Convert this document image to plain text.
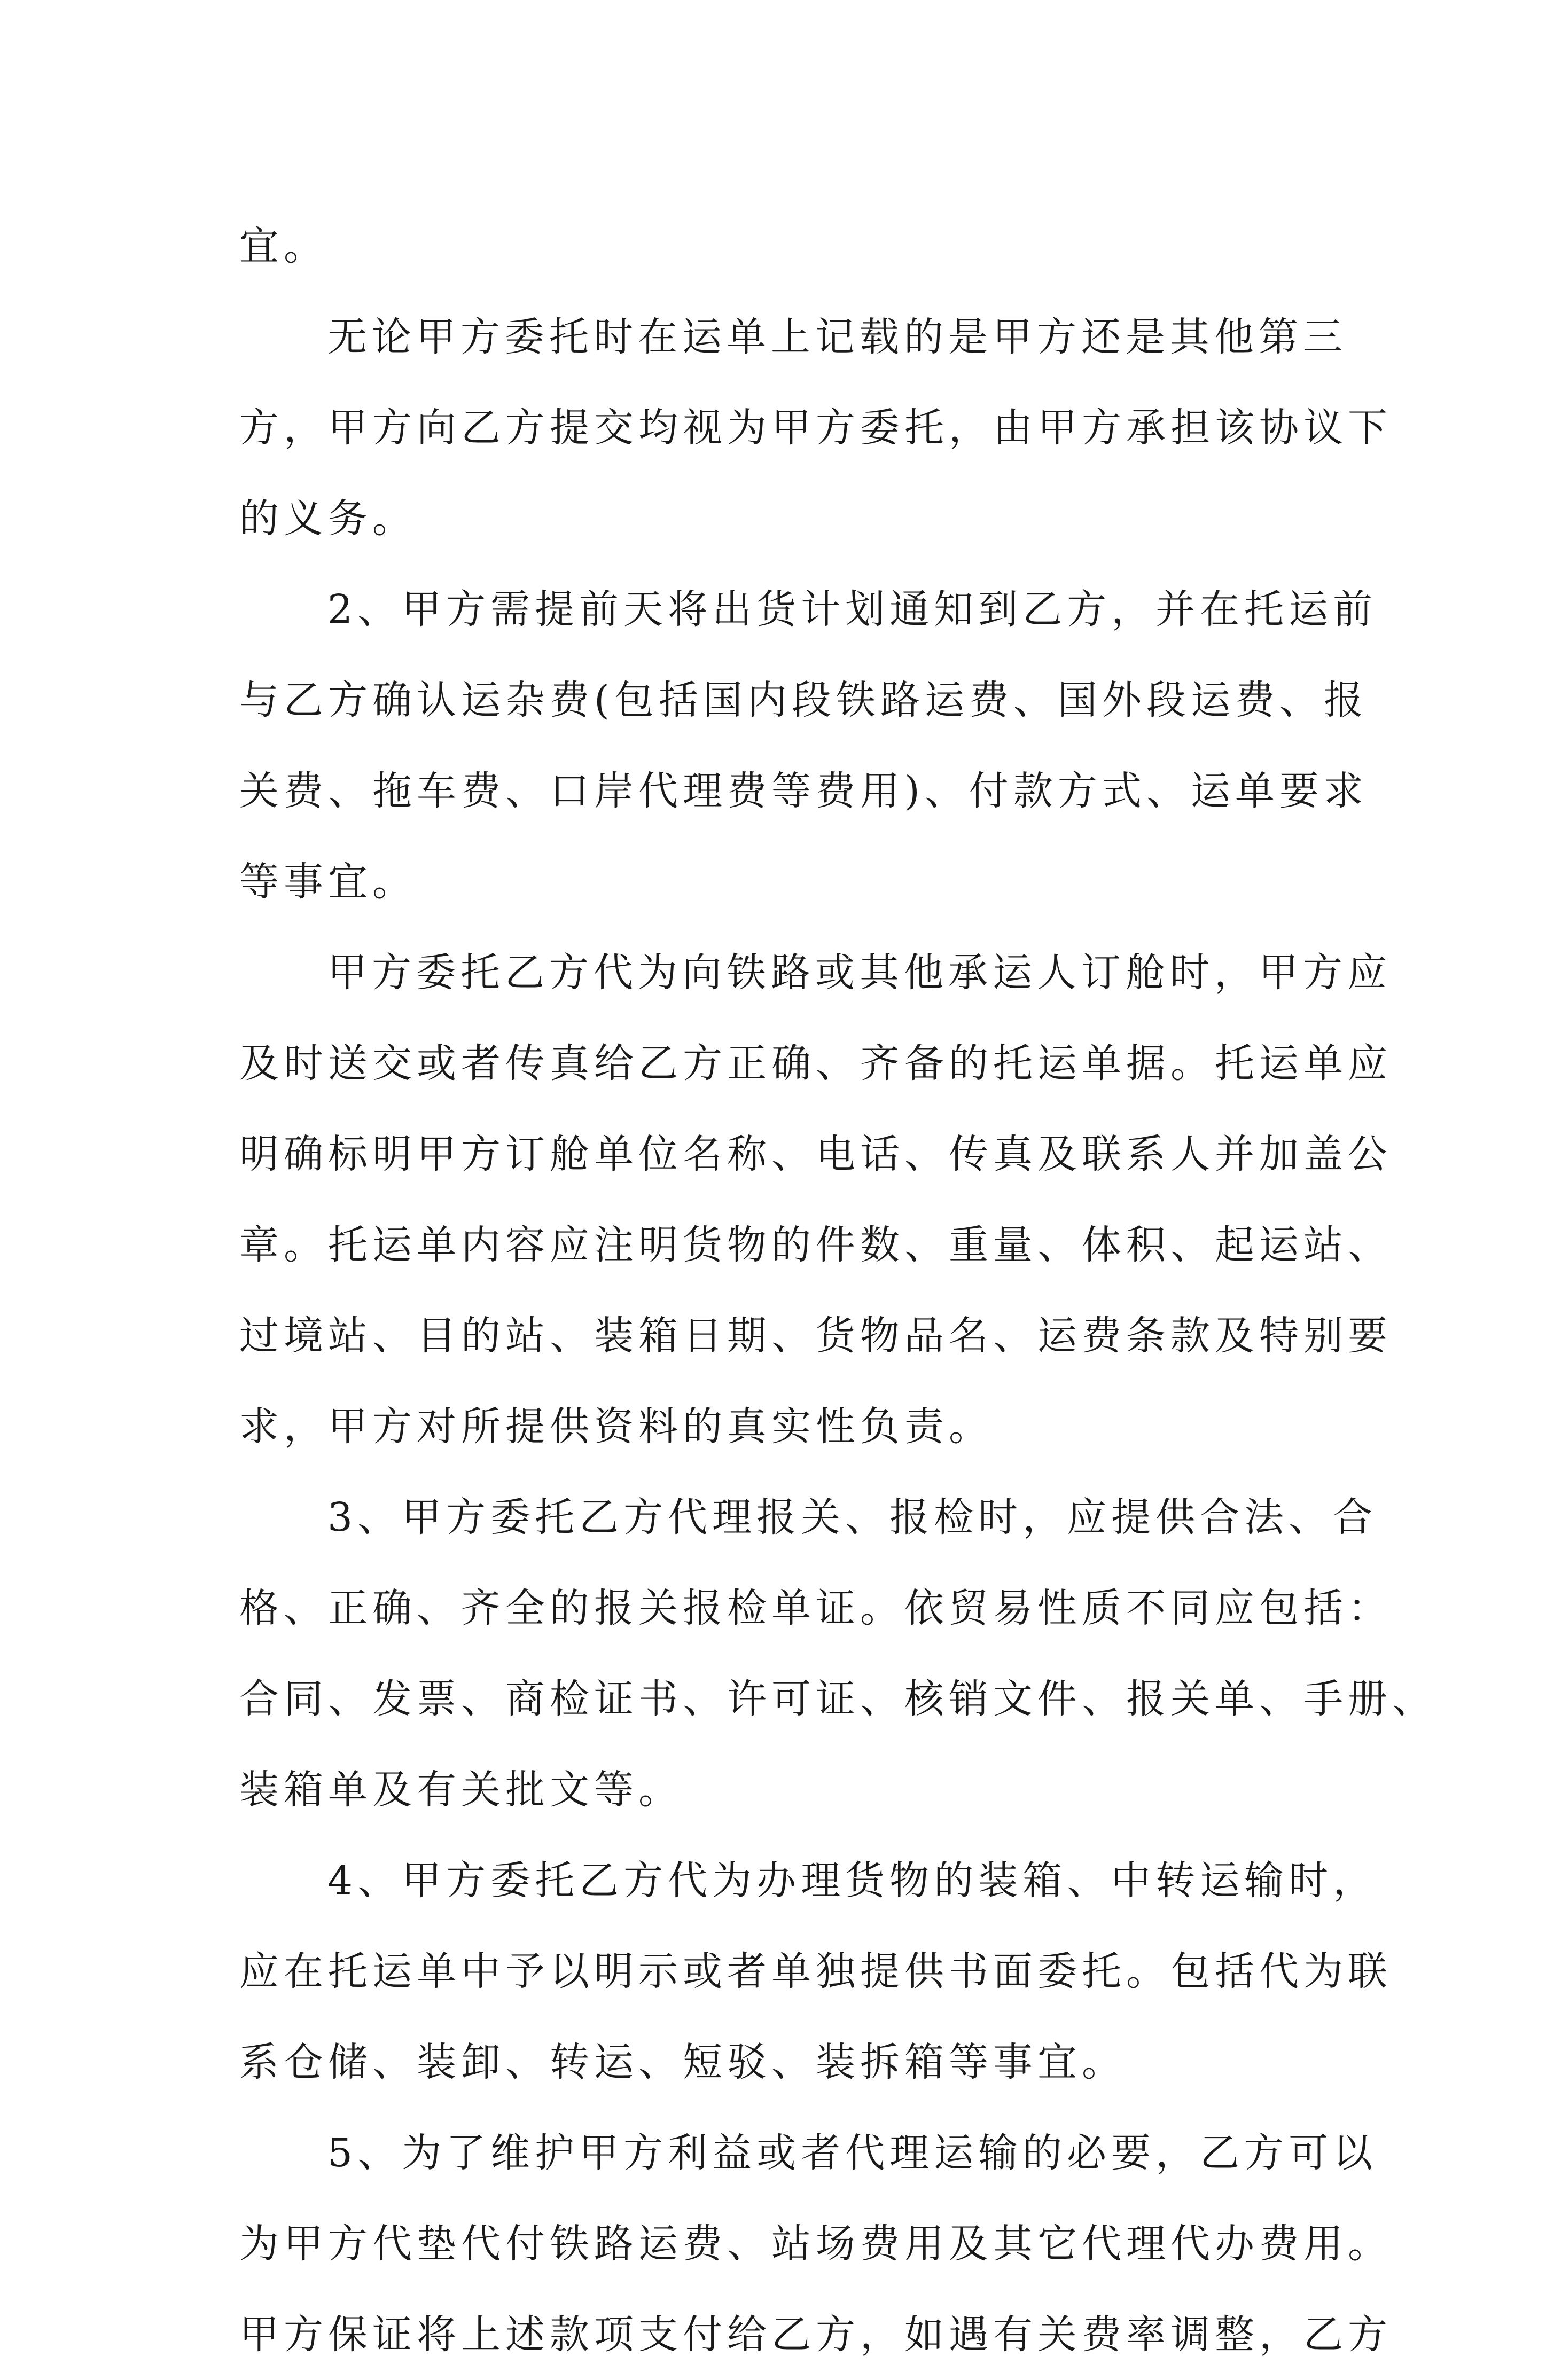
宜。
无论甲方委托时在运单上记载的是甲方还是其他第三
方，甲方向乙方提交均视为甲方委托，由甲方承担该协议下
的义务。
2、甲方需提前天将出货计划通知到乙方，并在托运前
与乙方确认运杂费(包括国内段铁路运费、国外段运费、报
关费、拖车费、口岸代理费等费用)、付款方式、运单要求
等事宜。
甲方委托乙方代为向铁路或其他承运人订舱时，甲方应
及时送交或者传真给乙方正确、齐备的托运单据。托运单应
明确标明甲方订舱单位名称、电话、传真及联系人并加盖公
章。托运单内容应注明货物的件数、重量、体积、起运站、
过境站、目的站、装箱日期、货物品名、运费条款及特别要
求，甲方对所提供资料的真实性负责。
3、甲方委托乙方代理报关、报检时，应提供合法、合
格、正确、齐全的报关报检单证。依贸易性质不同应包括：
合同、发票、商检证书、许可证、核销文件、报关单、手册、
装箱单及有关批文等。
4、甲方委托乙方代为办理货物的装箱、中转运输时，
应在托运单中予以明示或者单独提供书面委托。包括代为联
系仓储、装卸、转运、短驳、装拆箱等事宜。
5、为了维护甲方利益或者代理运输的必要，乙方可以
为甲方代垫代付铁路运费、站场费用及其它代理代办费用。
甲方保证将上述款项支付给乙方，如遇有关费率调整，乙方
